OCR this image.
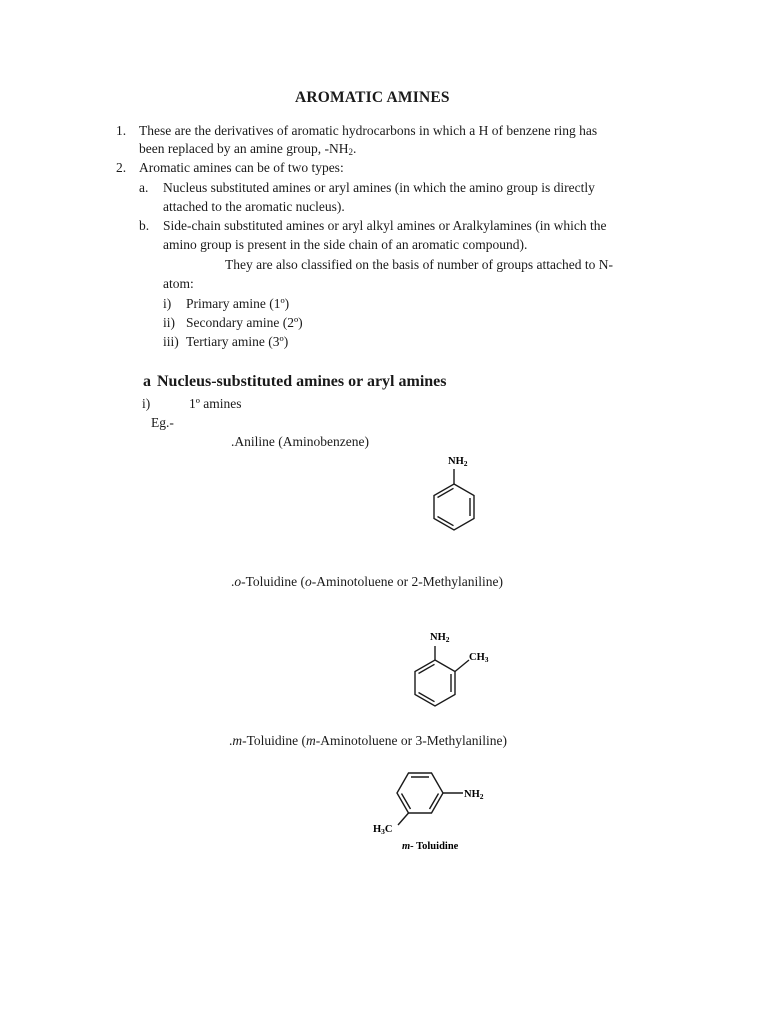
AROMATIC AMINES
1. These are the derivatives of aromatic hydrocarbons in which a H of benzene ring has
been replaced by an amine group, $-NH_2$.
2. Aromatic amines can be of two types:
a. Nucleus substituted amines or aryl amines (in which the amino group is directly
attached to the aromatic nucleus).
b. Side-chain substituted amines or aryl alkyl amines or Aralkylamines (in which the
amino group is present in the side chain of an aromatic compound).
They are also classified on the basis of number of groups attached to N-
atom:
i) Primary amine (1º)
ii) Secondary amine (2º)
iii) Tertiary amine (3º)
a Nucleus-substituted amines or aryl amines
i)	1º amines
Eg.-
.Aniline (Aminobenzene)
NH2
.o-Toluidine (o-Aminotoluene or 2-Methylaniline)
NH2
CH3
.m-Toluidine (m-Aminotoluene or 3-Methylaniline)
NH2
H3C
m- Toluidine
